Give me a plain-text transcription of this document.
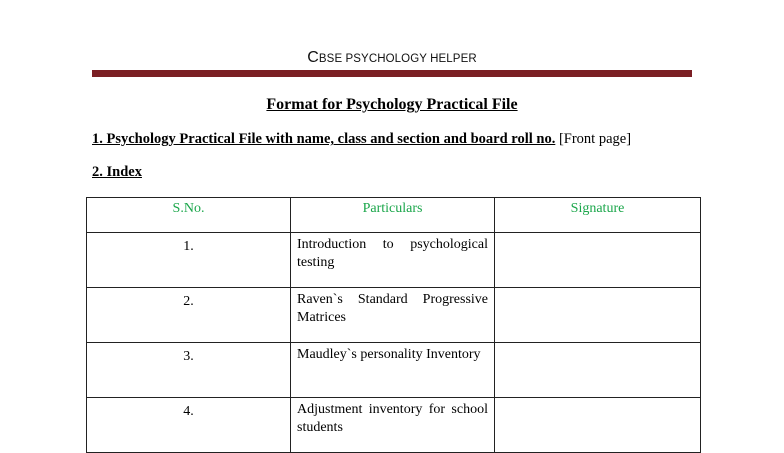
CBSE PSYCHOLOGY HELPER
Format for Psychology Practical File
1. Psychology Practical File with name, class and section and board roll no. [Front page]
2. Index
S.No.	Particulars	Signature
1.	Introduction to psychological testing	
2.	Raven`s Standard Progressive Matrices	
3.	Maudley`s personality Inventory	
4.	Adjustment inventory for school students	
